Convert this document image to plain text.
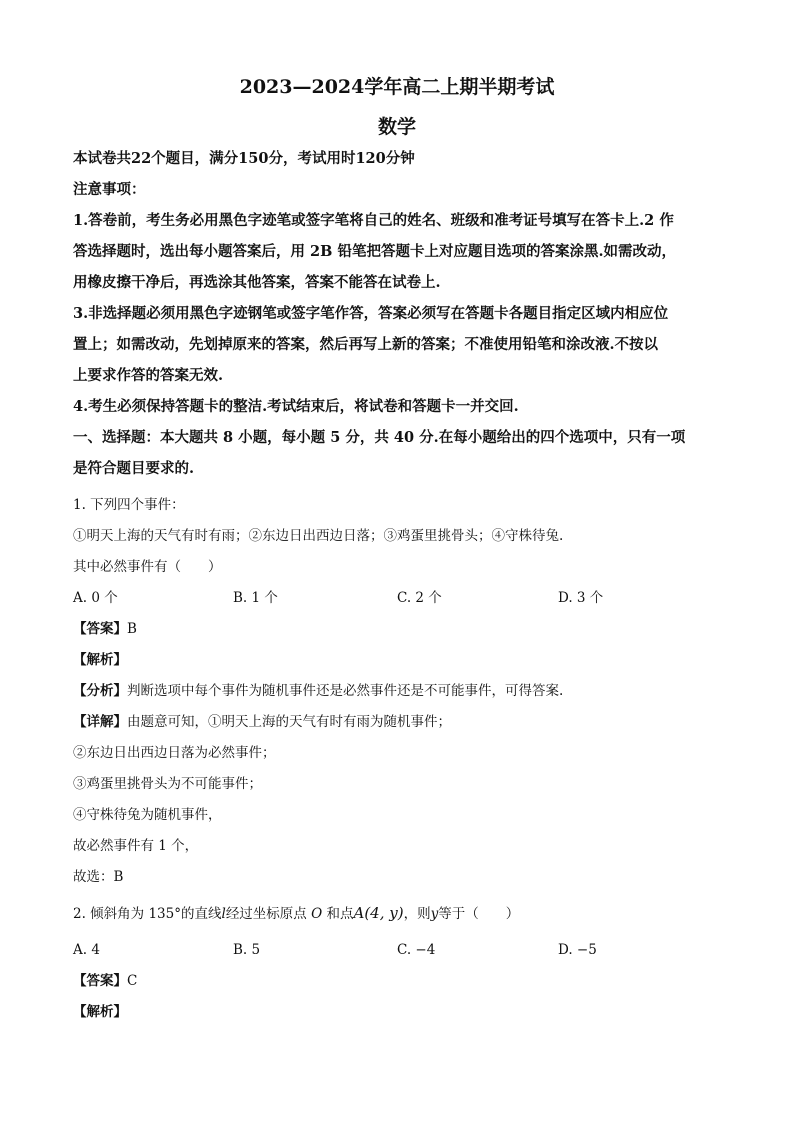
2023—2024学年高二上期半期考试
数学

本试卷共22个题目，满分150分，考试用时120分钟

注意事项：

1.答卷前，考生务必用黑色字迹笔或签字笔将自己的姓名、班级和准考证号填写在答卡上.2 作

答选择题时，选出每小题答案后，用 2B 铅笔把答题卡上对应题目选项的答案涂黑.如需改动，

用橡皮擦干净后，再选涂其他答案，答案不能答在试卷上.

3.非选择题必须用黑色字迹钢笔或签字笔作答，答案必须写在答题卡各题目指定区域内相应位

置上；如需改动，先划掉原来的答案，然后再写上新的答案；不准使用铅笔和涂改液.不按以

上要求作答的答案无效.

4.考生必须保持答题卡的整洁.考试结束后，将试卷和答题卡一并交回.

一、选择题：本大题共 8 小题，每小题 5 分，共 40 分.在每小题给出的四个选项中，只有一项

是符合题目要求的.

1. 下列四个事件：

①明天上海的天气有时有雨；②东边日出西边日落；③鸡蛋里挑骨头；④守株待兔.

其中必然事件有（　　）

A. 0 个	B. 1 个	C. 2 个	D. 3 个

【答案】B

【解析】

【分析】判断选项中每个事件为随机事件还是必然事件还是不可能事件，可得答案.

【详解】由题意可知，①明天上海的天气有时有雨为随机事件；

②东边日出西边日落为必然事件；

③鸡蛋里挑骨头为不可能事件；

④守株待兔为随机事件，

故必然事件有 1 个，

故选：B

2. 倾斜角为 135°的直线l经过坐标原点 O 和点A(4, y)，则y等于（　　）

A. 4	B. 5	C. −4	D. −5

【答案】C

【解析】
